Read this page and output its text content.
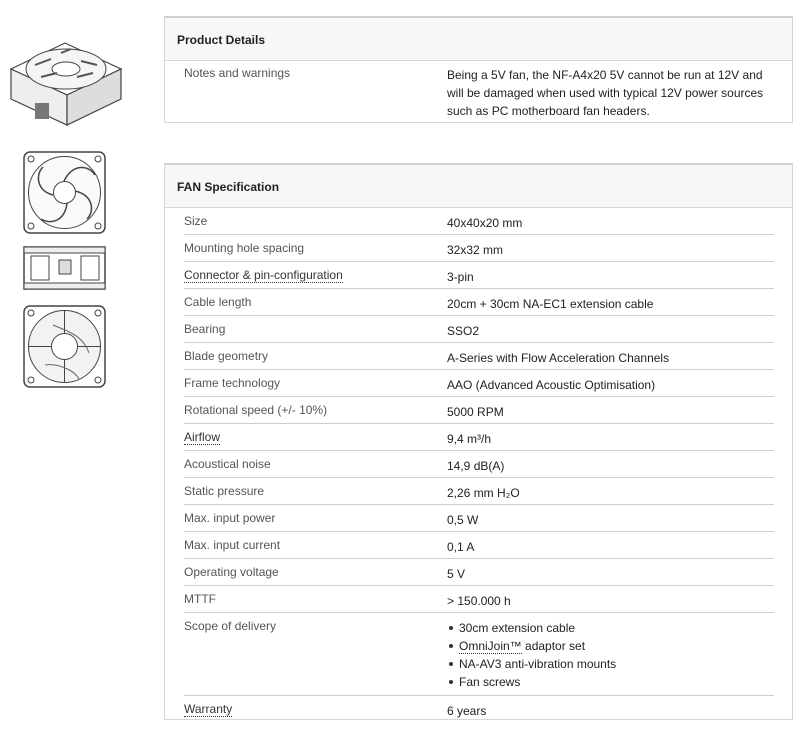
Product Details
Notes and warnings	Being a 5V fan, the NF-A4x20 5V cannot be run at 12V and will be damaged when used with typical 12V power sources such as PC motherboard fan headers.
FAN Specification
Size	40x40x20 mm
Mounting hole spacing	32x32 mm
Connector & pin-configuration	3-pin
Cable length	20cm + 30cm NA-EC1 extension cable
Bearing	SSO2
Blade geometry	A-Series with Flow Acceleration Channels
Frame technology	AAO (Advanced Acoustic Optimisation)
Rotational speed (+/- 10%)	5000 RPM
Airflow	9,4 m³/h
Acoustical noise	14,9 dB(A)
Static pressure	2,26 mm H₂O
Max. input power	0,5 W
Max. input current	0,1 A
Operating voltage	5 V
MTTF	> 150.000 h
Scope of delivery	30cm extension cable
OmniJoin™ adaptor set
NA-AV3 anti-vibration mounts
Fan screws
Warranty	6 years
